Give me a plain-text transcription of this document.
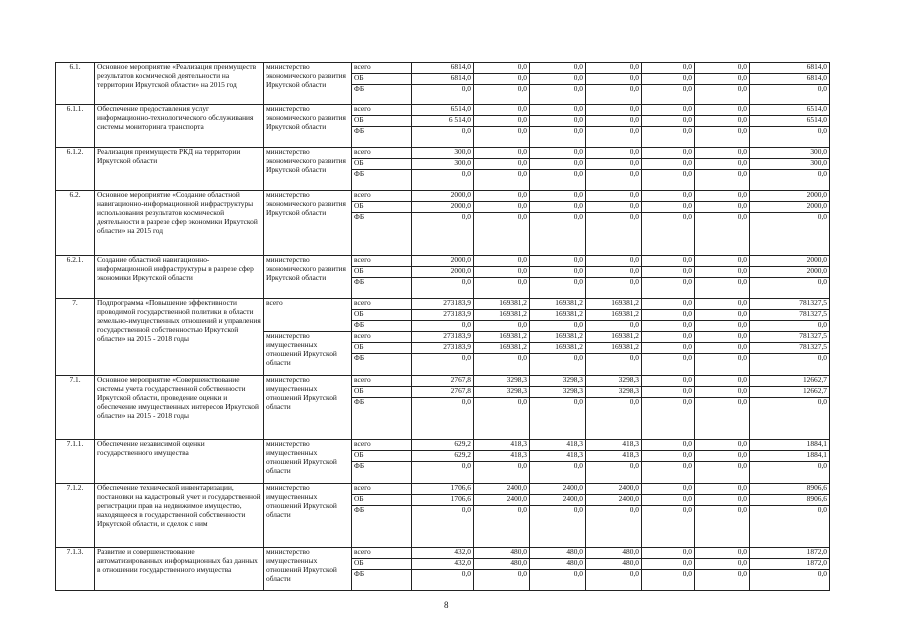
6.1.	Основное мероприятие «Реализация преимуществ результатов космической деятельности на территории Иркутской области» на 2015 год	министерство экономического развития Иркутской области	всего	6814,0	0,0	0,0	0,0	0,0	0,0	6814,0
			ОБ	6814,0	0,0	0,0	0,0	0,0	0,0	6814,0
			ФБ	0,0	0,0	0,0	0,0	0,0	0,0	0,0
6.1.1.	Обеспечение предоставления услуг информационно-технологического обслуживания системы мониторинга транспорта	министерство экономического развития Иркутской области	всего	6514,0	0,0	0,0	0,0	0,0	0,0	6514,0
			ОБ	6 514,0	0,0	0,0	0,0	0,0	0,0	6514,0
			ФБ	0,0	0,0	0,0	0,0	0,0	0,0	0,0
6.1.2.	Реализация преимуществ РКД на территории Иркутской области	министерство экономического развития Иркутской области	всего	300,0	0,0	0,0	0,0	0,0	0,0	300,0
			ОБ	300,0	0,0	0,0	0,0	0,0	0,0	300,0
			ФБ	0,0	0,0	0,0	0,0	0,0	0,0	0,0
6.2.	Основное мероприятие «Создание областной навигационно-информационной инфраструктуры использования результатов космической деятельности в разрезе сфер экономики Иркутской области» на 2015 год	министерство экономического развития Иркутской области	всего	2000,0	0,0	0,0	0,0	0,0	0,0	2000,0
			ОБ	2000,0	0,0	0,0	0,0	0,0	0,0	2000,0
			ФБ	0,0	0,0	0,0	0,0	0,0	0,0	0,0
6.2.1.	Создание областной навигационно-информационной инфраструктуры в разрезе сфер экономики Иркутской области	министерство экономического развития Иркутской области	всего	2000,0	0,0	0,0	0,0	0,0	0,0	2000,0
			ОБ	2000,0	0,0	0,0	0,0	0,0	0,0	2000,0
			ФБ	0,0	0,0	0,0	0,0	0,0	0,0	0,0
7.	Подпрограмма «Повышение эффективности проводимой государственной политики в области земельно-имущественных отношений и управления государственной собственностью Иркутской области» на 2015 - 2018 годы	всего	всего	273183,9	169381,2	169381,2	169381,2	0,0	0,0	781327,5
			ОБ	273183,9	169381,2	169381,2	169381,2	0,0	0,0	781327,5
			ФБ	0,0	0,0	0,0	0,0	0,0	0,0	0,0
		министерство имущественных отношений Иркутской области	всего	273183,9	169381,2	169381,2	169381,2	0,0	0,0	781327,5
			ОБ	273183,9	169381,2	169381,2	169381,2	0,0	0,0	781327,5
			ФБ	0,0	0,0	0,0	0,0	0,0	0,0	0,0
7.1.	Основное мероприятие «Совершенствование системы учета государственной собственности Иркутской области, проведение оценки и обеспечение имущественных интересов Иркутской области» на 2015 - 2018 годы	министерство имущественных отношений Иркутской области	всего	2767,8	3298,3	3298,3	3298,3	0,0	0,0	12662,7
			ОБ	2767,8	3298,3	3298,3	3298,3	0,0	0,0	12662,7
			ФБ	0,0	0,0	0,0	0,0	0,0	0,0	0,0
7.1.1.	Обеспечение независимой оценки государственного имущества	министерство имущественных отношений Иркутской области	всего	629,2	418,3	418,3	418,3	0,0	0,0	1884,1
			ОБ	629,2	418,3	418,3	418,3	0,0	0,0	1884,1
			ФБ	0,0	0,0	0,0	0,0	0,0	0,0	0,0
7.1.2.	Обеспечение технической инвентаризации, постановки на кадастровый учет и государственной регистрации прав на недвижимое имущество, находящееся в государственной собственности Иркутской области, и сделок с ним	министерство имущественных отношений Иркутской области	всего	1706,6	2400,0	2400,0	2400,0	0,0	0,0	8906,6
			ОБ	1706,6	2400,0	2400,0	2400,0	0,0	0,0	8906,6
			ФБ	0,0	0,0	0,0	0,0	0,0	0,0	0,0
7.1.3.	Развитие и совершенствование автоматизированных информационных баз данных в отношении государственного имущества	министерство имущественных отношений Иркутской области	всего	432,0	480,0	480,0	480,0	0,0	0,0	1872,0
			ОБ	432,0	480,0	480,0	480,0	0,0	0,0	1872,0
			ФБ	0,0	0,0	0,0	0,0	0,0	0,0	0,0
8
